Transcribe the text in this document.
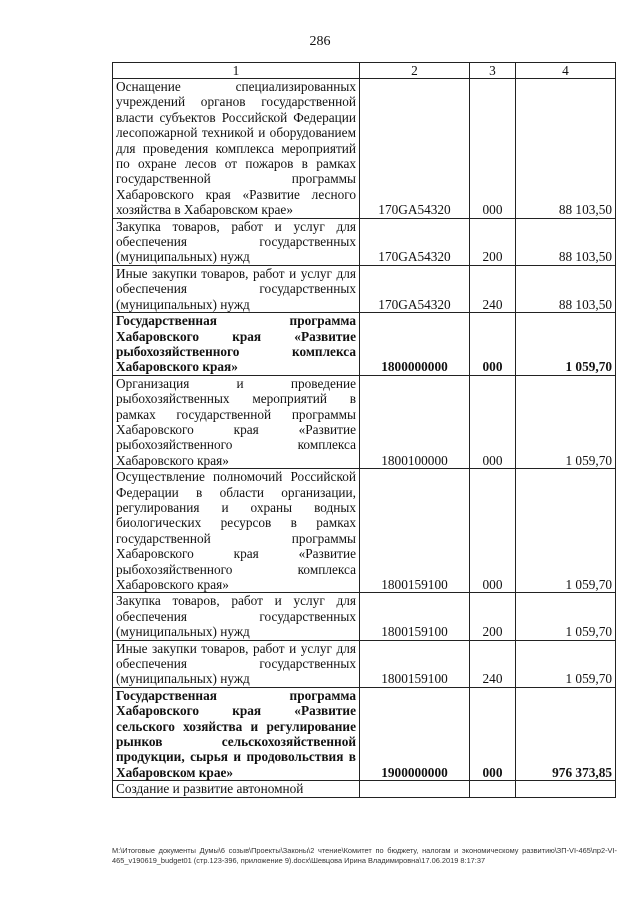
286
1	2	3	4
Оснащение специализированных учреждений органов государственной власти субъектов Российской Федерации лесопожарной техникой и оборудованием для проведения комплекса мероприятий по охране лесов от пожаров в рамках государственной программы Хабаровского края «Развитие лесного хозяйства в Хабаровском крае»	170GA54320	000	88 103,50
Закупка товаров, работ и услуг для обеспечения государственных (муниципальных) нужд	170GA54320	200	88 103,50
Иные закупки товаров, работ и услуг для обеспечения государственных (муниципальных) нужд	170GA54320	240	88 103,50
Государственная программа Хабаровского края «Развитие рыбохозяйственного комплекса Хабаровского края»	1800000000	000	1 059,70
Организация и проведение рыбохозяйственных мероприятий в рамках государственной программы Хабаровского края «Развитие рыбохозяйственного комплекса Хабаровского края»	1800100000	000	1 059,70
Осуществление полномочий Российской Федерации в области организации, регулирования и охраны водных биологических ресурсов в рамках государственной программы Хабаровского края «Развитие рыбохозяйственного комплекса Хабаровского края»	1800159100	000	1 059,70
Закупка товаров, работ и услуг для обеспечения государственных (муниципальных) нужд	1800159100	200	1 059,70
Иные закупки товаров, работ и услуг для обеспечения государственных (муниципальных) нужд	1800159100	240	1 059,70
Государственная программа Хабаровского края «Развитие сельского хозяйства и регулирование рынков сельскохозяйственной продукции, сырья и продовольствия в Хабаровском крае»	1900000000	000	976 373,85
Создание и развитие автономной			
M:\Итоговые документы Думы\6 созыв\Проекты\Законы\2 чтение\Комитет по бюджету, налогам и экономическому развитию\ЗП-VI-465\пр2-VI-465_v190619_budget01 (стр.123-396, приложение 9).docx\Шевцова Ирина Владимировна\17.06.2019 8:17:37
